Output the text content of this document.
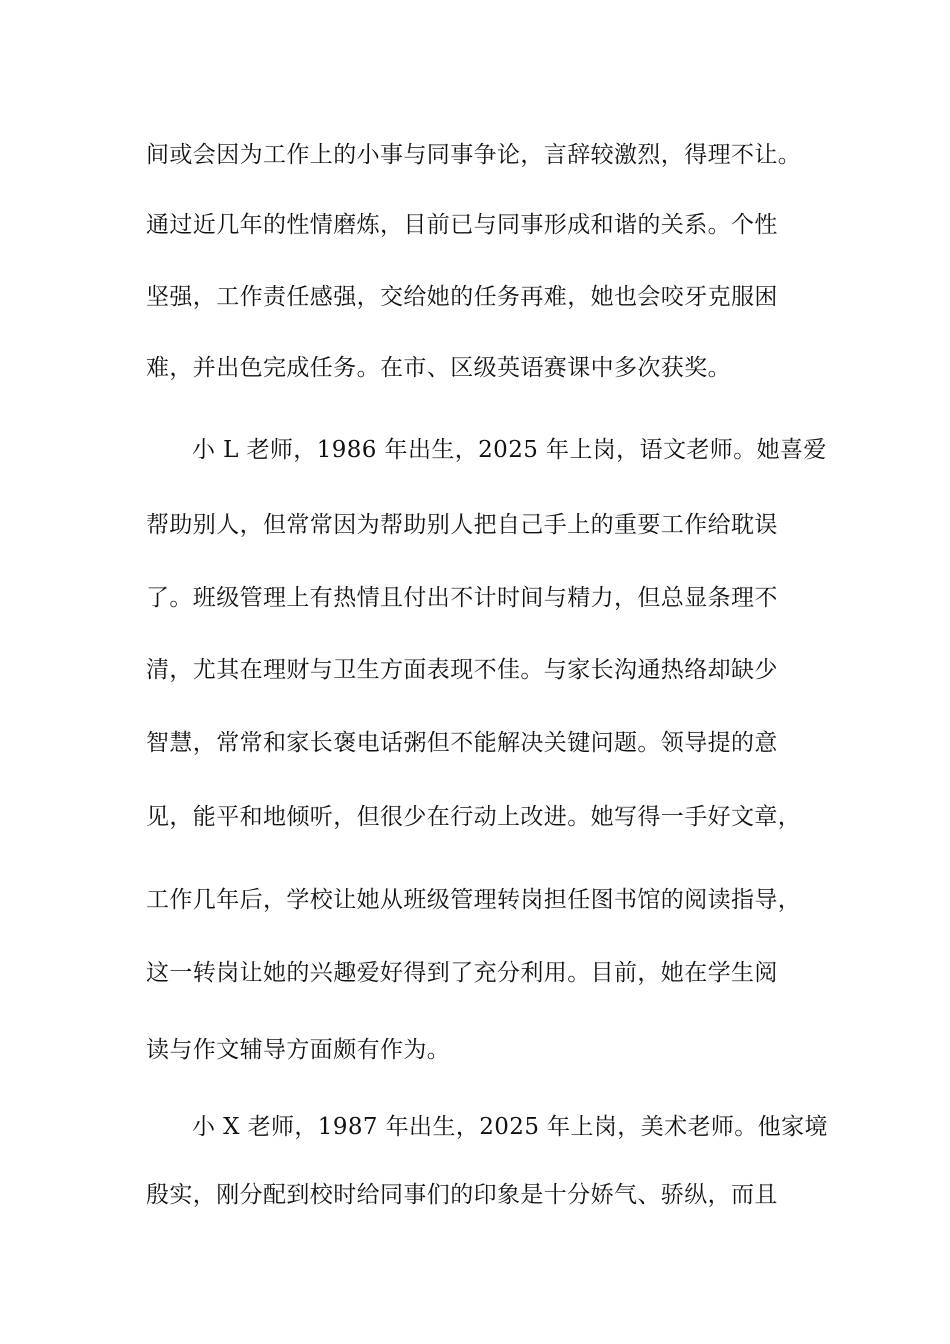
间或会因为工作上的小事与同事争论，言辞较激烈，得理不让。
通过近几年的性情磨炼，目前已与同事形成和谐的关系。个性
坚强，工作责任感强，交给她的任务再难，她也会咬牙克服困
难，并出色完成任务。在市、区级英语赛课中多次获奖。
小 L 老师，1986 年出生，2025 年上岗，语文老师。她喜爱
帮助别人，但常常因为帮助别人把自己手上的重要工作给耽误
了。班级管理上有热情且付出不计时间与精力，但总显条理不
清，尤其在理财与卫生方面表现不佳。与家长沟通热络却缺少
智慧，常常和家长褒电话粥但不能解决关键问题。领导提的意
见，能平和地倾听，但很少在行动上改进。她写得一手好文章，
工作几年后，学校让她从班级管理转岗担任图书馆的阅读指导，
这一转岗让她的兴趣爱好得到了充分利用。目前，她在学生阅
读与作文辅导方面颇有作为。
小 X 老师，1987 年出生，2025 年上岗，美术老师。他家境
殷实，刚分配到校时给同事们的印象是十分娇气、骄纵，而且
